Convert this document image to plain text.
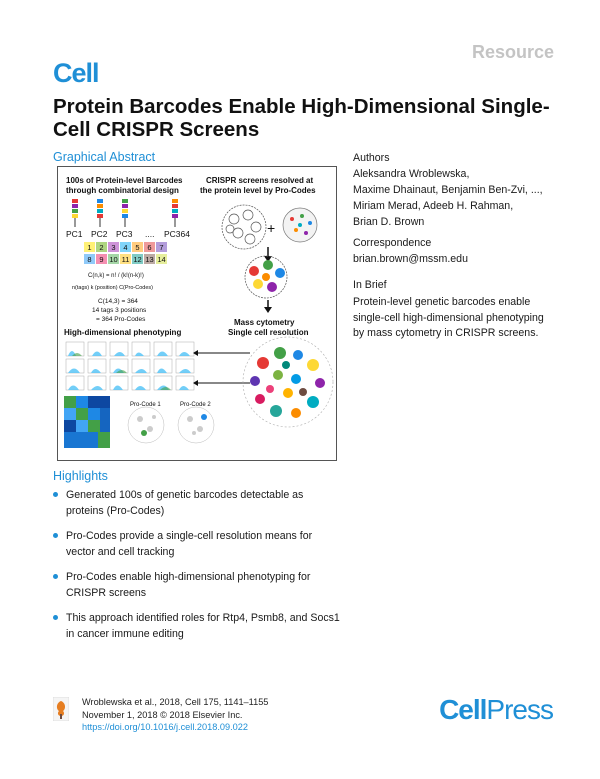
Cell
Resource
Protein Barcodes Enable High-Dimensional Single-Cell CRISPR Screens
Graphical Abstract
100s of Protein-level Barcodes
through combinatorial design
PC1 PC2 PC3 .... PC364
1 2 3 4 5 6 7
8 9 10 11 12 13 14
C(n,k) = n! / (k!(n-k)!)
n(tags) k (position) C(Pro-Codes)
C(14,3) = 364
14 tags 3 positions
= 364 Pro-Codes
CRISPR screens resolved at
the protein level by Pro-Codes
+
Mass cytometry
Single cell resolution
High-dimensional phenotyping
Pro-Code 1	Pro-Code 2
Authors
Aleksandra Wroblewska,
Maxime Dhainaut, Benjamin Ben-Zvi, ...,
Miriam Merad, Adeeb H. Rahman,
Brian D. Brown
Correspondence
brian.brown@mssm.edu
In Brief
Protein-level genetic barcodes enable single-cell high-dimensional phenotyping by mass cytometry in CRISPR screens.
Highlights
Generated 100s of genetic barcodes detectable as proteins (Pro-Codes)
Pro-Codes provide a single-cell resolution means for vector and cell tracking
Pro-Codes enable high-dimensional phenotyping for CRISPR screens
This approach identified roles for Rtp4, Psmb8, and Socs1 in cancer immune editing
Wroblewska et al., 2018, Cell 175, 1141–1155
November 1, 2018 © 2018 Elsevier Inc.
https://doi.org/10.1016/j.cell.2018.09.022
CellPress
